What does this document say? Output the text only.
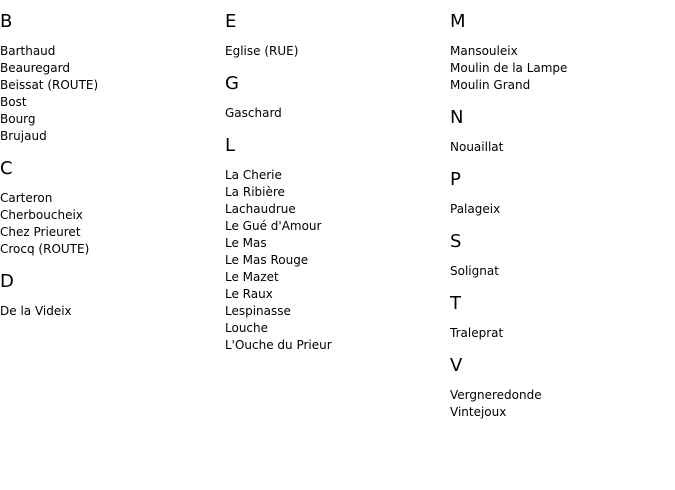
B
Barthaud
Beauregard
Beissat (ROUTE)
Bost
Bourg
Brujaud
C
Carteron
Cherboucheix
Chez Prieuret
Crocq (ROUTE)
D
De la Videix
E
Eglise (RUE)
G
Gaschard
L
La Cherie
La Ribière
Lachaudrue
Le Gué d'Amour
Le Mas
Le Mas Rouge
Le Mazet
Le Raux
Lespinasse
Louche
L'Ouche du Prieur
M
Mansouleix
Moulin de la Lampe
Moulin Grand
N
Nouaillat
P
Palageix
S
Solignat
T
Traleprat
V
Vergneredonde
Vintejoux
